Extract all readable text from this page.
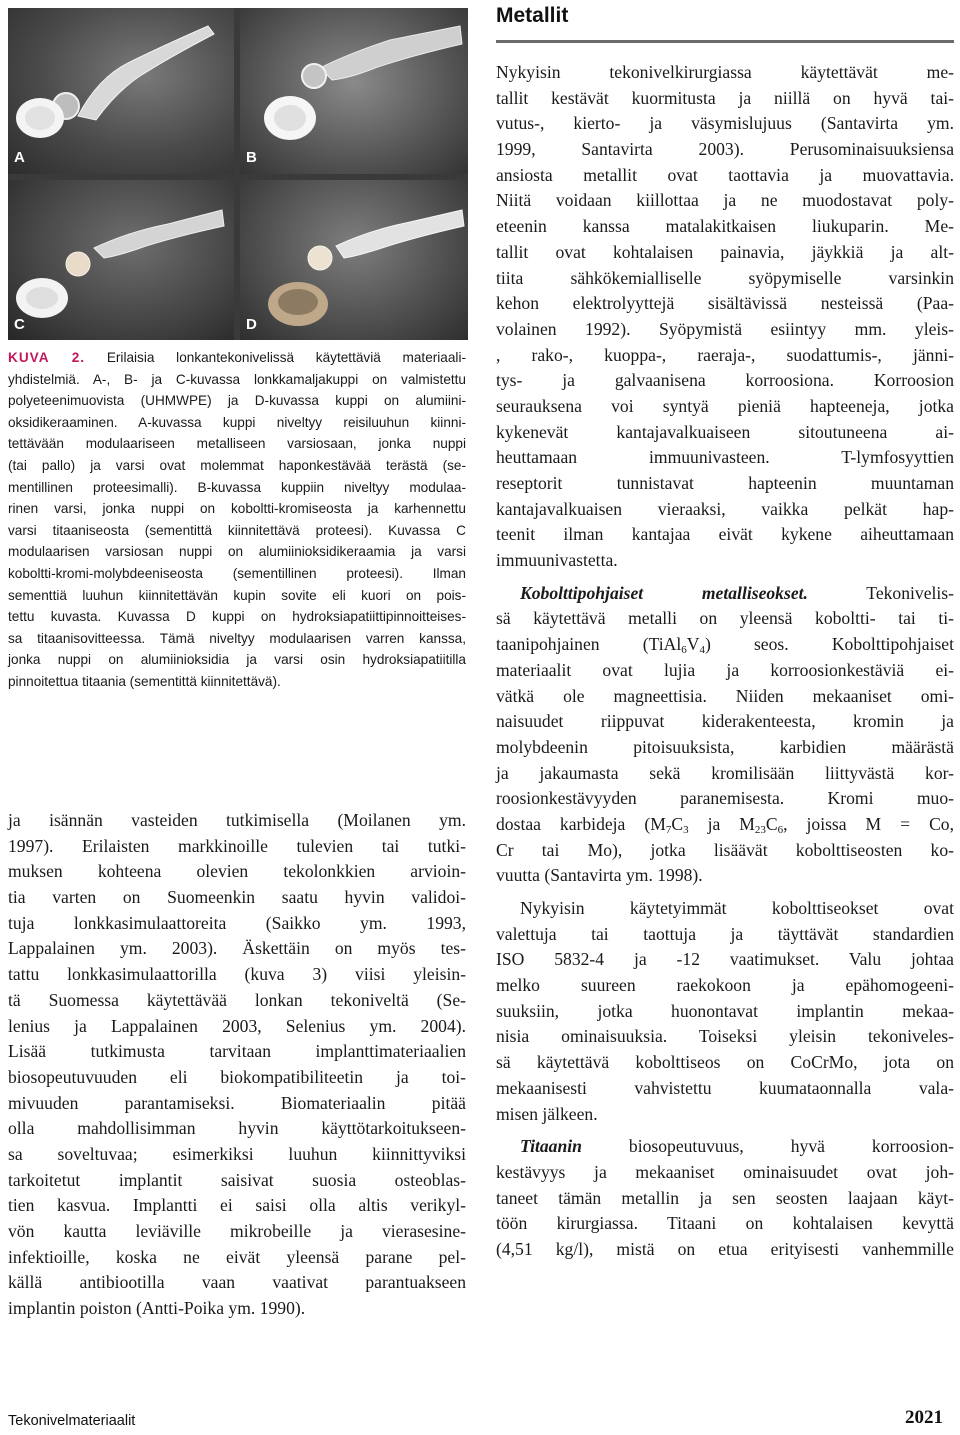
A	B
C	D
KUVA 2. Erilaisia lonkantekonivelissä käytettäviä materiaali-
yhdistelmiä. A-, B- ja C-kuvassa lonkkamaljakuppi on valmistettu
polyeteenimuovista (UHMWPE) ja D-kuvassa kuppi on alumiini-
oksidikeraaminen. A-kuvassa kuppi niveltyy reisiluuhun kiinni-
tettävään modulaariseen metalliseen varsiosaan, jonka nuppi
(tai pallo) ja varsi ovat molemmat haponkestävää terästä (se-
mentillinen proteesimalli). B-kuvassa kuppiin niveltyy modulaa-
rinen varsi, jonka nuppi on koboltti-kromiseosta ja karhennettu
varsi titaaniseosta (sementittä kiinnitettävä proteesi). Kuvassa C
modulaarisen varsiosan nuppi on alumiinioksidikeraamia ja varsi
koboltti-kromi-molybdeeniseosta (sementillinen proteesi). Ilman
sementtiä luuhun kiinnitettävän kupin sovite eli kuori on pois-
tettu kuvasta. Kuvassa D kuppi on hydroksiapatiittipinnoitteises-
sa titaanisovitteessa. Tämä niveltyy modulaarisen varren kanssa,
jonka nuppi on alumiinioksidia ja varsi osin hydroksiapatiitilla
pinnoitettua titaania (sementittä kiinnitettävä).
ja isännän vasteiden tutkimisella (Moilanen ym.
1997). Erilaisten markkinoille tulevien tai tutki-
muksen kohteena olevien tekolonkkien arvioin-
tia varten on Suomeenkin saatu hyvin validoi-
tuja lonkkasimulaattoreita (Saikko ym. 1993,
Lappalainen ym. 2003). Äskettäin on myös tes-
tattu lonkkasimulaattorilla (kuva 3) viisi yleisin-
tä Suomessa käytettävää lonkan tekoniveltä (Se-
lenius ja Lappalainen 2003, Selenius ym. 2004).
Lisää tutkimusta tarvitaan implanttimateriaalien
biosopeutuvuuden eli biokompatibiliteetin ja toi-
mivuuden parantamiseksi. Biomateriaalin pitää
olla mahdollisimman hyvin käyttötarkoitukseen-
sa soveltuvaa; esimerkiksi luuhun kiinnittyviksi
tarkoitetut implantit saisivat suosia osteoblas-
tien kasvua. Implantti ei saisi olla altis verikyl-
vön kautta leviäville mikrobeille ja vierasesine-
infektioille, koska ne eivät yleensä parane pel-
källä antibiootilla vaan vaativat parantuakseen
implantin poiston (Antti-Poika ym. 1990).
Metallit
Nykyisin tekonivelkirurgiassa käytettävät me-
tallit kestävät kuormitusta ja niillä on hyvä tai-
vutus-, kierto- ja väsymislujuus (Santavirta ym.
1999, Santavirta 2003). Perusominaisuuksiensa
ansiosta metallit ovat taottavia ja muovattavia.
Niitä voidaan kiillottaa ja ne muodostavat poly-
eteenin kanssa matalakitkaisen liukuparin. Me-
tallit ovat kohtalaisen painavia, jäykkiä ja alt-
tiita sähkökemialliselle syöpymiselle varsinkin
kehon elektrolyyttejä sisältävissä nesteissä (Paa-
volainen 1992). Syöpymistä esiintyy mm. yleis-
, rako-, kuoppa-, raeraja-, suodattumis-, jänni-
tys- ja galvaanisena korroosiona. Korroosion
seurauksena voi syntyä pieniä hapteeneja, jotka
kykenevät kantajavalkuaiseen sitoutuneena ai-
heuttamaan immuunivasteen. T-lymfosyyttien
reseptorit tunnistavat hapteenin muuntaman
kantajavalkuaisen vieraaksi, vaikka pelkät hap-
teenit ilman kantajaa eivät kykene aiheuttamaan
immuunivastetta.
Kobolttipohjaiset metalliseokset. Tekonivelis-
sä käytettävä metalli on yleensä koboltti- tai ti-
taanipohjainen $(TiAl_6V_4)$ seos. Kobolttipohjaiset
materiaalit ovat lujia ja korroosionkestäviä ei-
vätkä ole magneettisia. Niiden mekaaniset omi-
naisuudet riippuvat kiderakenteesta, kromin ja
molybdeenin pitoisuuksista, karbidien määrästä
ja jakaumasta sekä kromilisään liittyvästä kor-
roosionkestävyyden paranemisesta. Kromi muo-
dostaa karbideja ($M_7C_3$ ja $M_{23}C_6$, joissa M = Co,
Cr tai Mo), jotka lisäävät kobolttiseosten ko-
vuutta (Santavirta ym. 1998).
Nykyisin käytetyimmät kobolttiseokset ovat
valettuja tai taottuja ja täyttävät standardien
ISO 5832-4 ja -12 vaatimukset. Valu johtaa
melko suureen raekokoon ja epähomogeeni-
suuksiin, jotka huonontavat implantin mekaa-
nisia ominaisuuksia. Toiseksi yleisin tekoniveles-
sä käytettävä kobolttiseos on CoCrMo, jota on
mekaanisesti vahvistettu kuumataonnalla vala-
misen jälkeen.
Titaanin biosopeutuvuus, hyvä korroosion-
kestävyys ja mekaaniset ominaisuudet ovat joh-
taneet tämän metallin ja sen seosten laajaan käyt-
töön kirurgiassa. Titaani on kohtalaisen kevyttä
(4,51 kg/l), mistä on etua erityisesti vanhemmille
Tekonivelmateriaalit	2021
